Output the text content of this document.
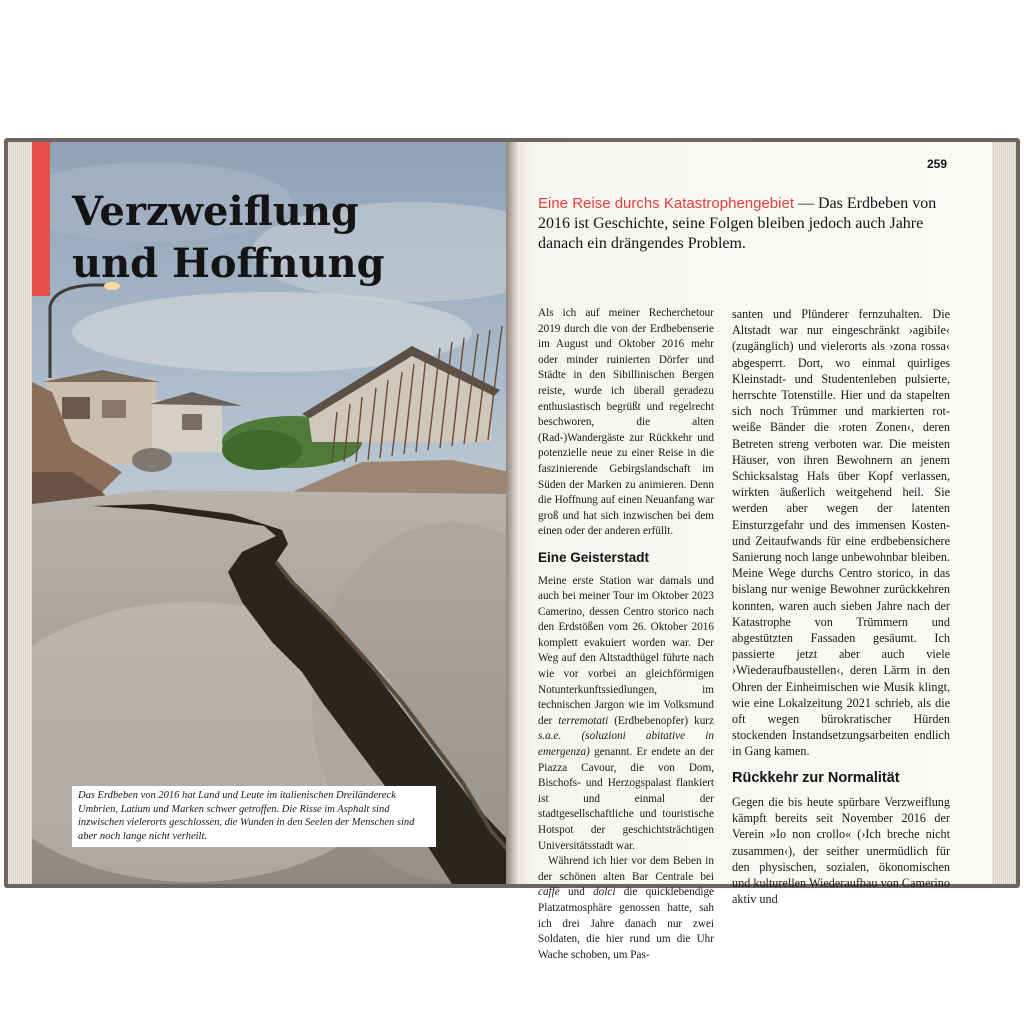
Verzweiflung
und Hoffnung
Das Erdbeben von 2016 hat Land und Leute im italienischen Dreiländereck Umbrien, Latium und Marken schwer getroffen. Die Risse im Asphalt sind inzwischen vielerorts geschlossen, die Wunden in den Seelen der Menschen sind aber noch lange nicht verheilt.
259

Eine Reise durchs Katastrophengebiet — Das Erdbeben von 2016 ist Geschichte, seine Folgen bleiben jedoch auch Jahre danach ein drängendes Problem.

Als ich auf meiner Recherchetour 2019 durch die von der Erdbebenserie im August und Oktober 2016 mehr oder minder ruinierten Dörfer und Städte in den Sibillinischen Bergen reiste, wurde ich überall geradezu enthusiastisch begrüßt und regelrecht beschworen, die alten (Rad-)Wandergäste zur Rückkehr und potenzielle neue zu einer Reise in die faszinierende Gebirgslandschaft im Süden der Marken zu animieren. Denn die Hoffnung auf einen Neuanfang war groß und hat sich inzwischen bei dem einen oder der anderen erfüllt.

Eine Geisterstadt

Meine erste Station war damals und auch bei meiner Tour im Oktober 2023 Camerino, dessen Centro storico nach den Erdstößen vom 26. Oktober 2016 komplett evakuiert worden war. Der Weg auf den Altstadthügel führte nach wie vor vorbei an gleichförmigen Notunterkunftssiedlungen, im technischen Jargon wie im Volksmund der terremotati (Erdbebenopfer) kurz s.a.e. (soluzioni abitative in emergenza) genannt. Er endete an der Piazza Cavour, die von Dom, Bischofs- und Herzogspalast flankiert ist und einmal der stadtgesellschaftliche und touristische Hotspot der geschichtsträchtigen Universitätsstadt war.

Während ich hier vor dem Beben in der schönen alten Bar Centrale bei caffè und dolci die quicklebendige Platzatmosphäre genossen hatte, sah ich drei Jahre danach nur zwei Soldaten, die hier rund um die Uhr Wache schoben, um Pas-

santen und Plünderer fernzuhalten. Die Altstadt war nur eingeschränkt ›agibile‹ (zugänglich) und vielerorts als ›zona rossa‹ abgesperrt. Dort, wo einmal quirliges Kleinstadt- und Studentenleben pulsierte, herrschte Totenstille. Hier und da stapelten sich noch Trümmer und markierten rot-weiße Bänder die ›roten Zonen‹, deren Betreten streng verboten war. Die meisten Häuser, von ihren Bewohnern an jenem Schicksalstag Hals über Kopf verlassen, wirkten äußerlich weitgehend heil. Sie werden aber wegen der latenten Einsturzgefahr und des immensen Kosten- und Zeitaufwands für eine erdbebensichere Sanierung noch lange unbewohnbar bleiben. Meine Wege durchs Centro storico, in das bislang nur wenige Bewohner zurückkehren konnten, waren auch sieben Jahre nach der Katastrophe von Trümmern und abgestützten Fassaden gesäumt. Ich passierte jetzt aber auch viele ›Wiederaufbaustellen‹, deren Lärm in den Ohren der Einheimischen wie Musik klingt, wie eine Lokalzeitung 2021 schrieb, als die oft wegen bürokratischer Hürden stockenden Instandsetzungsarbeiten endlich in Gang kamen.

Rückkehr zur Normalität

Gegen die bis heute spürbare Verzweiflung kämpft bereits seit November 2016 der Verein »Io non crollo« (›Ich breche nicht zusammen‹), der seither unermüdlich für den physischen, sozialen, ökonomischen und kulturellen Wiederaufbau von Camerino aktiv und
